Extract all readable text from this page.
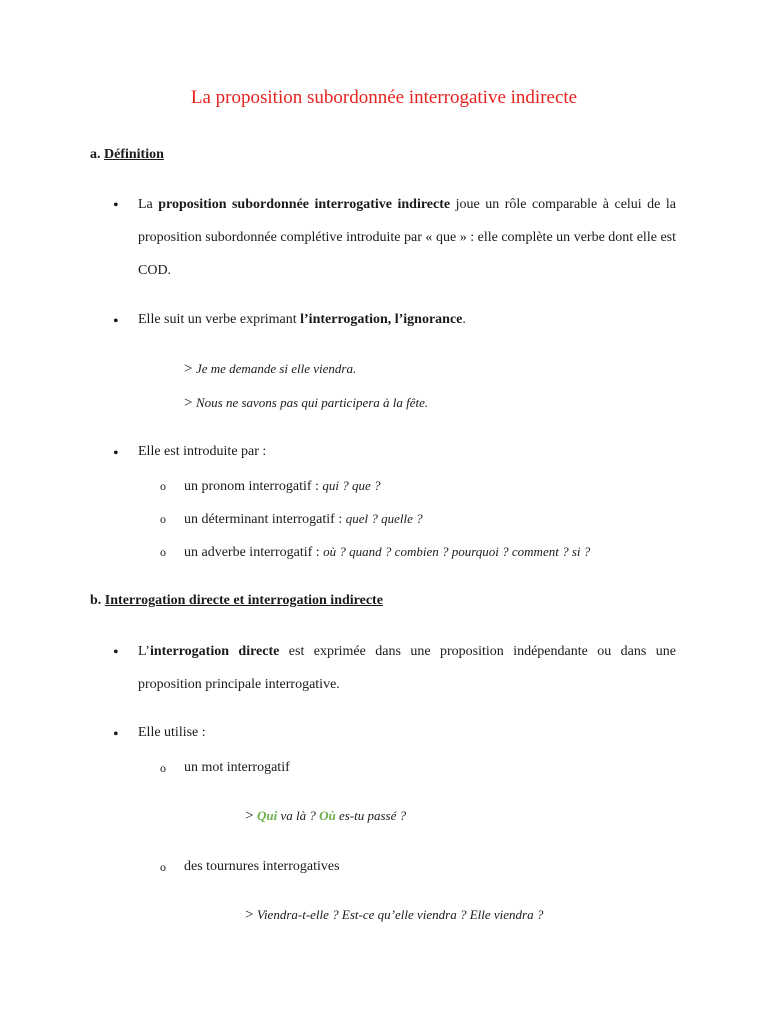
La proposition subordonnée interrogative indirecte
a. Définition
• La proposition subordonnée interrogative indirecte joue un rôle comparable à celui de la proposition subordonnée complétive introduite par « que » : elle complète un verbe dont elle est COD.
• Elle suit un verbe exprimant l’interrogation, l’ignorance.
> Je me demande si elle viendra.
> Nous ne savons pas qui participera à la fête.
• Elle est introduite par :
o un pronom interrogatif : qui ? que ?
o un déterminant interrogatif : quel ? quelle ?
o un adverbe interrogatif : où ? quand ? combien ? pourquoi ? comment ? si ?
b. Interrogation directe et interrogation indirecte
• L’interrogation directe est exprimée dans une proposition indépendante ou dans une proposition principale interrogative.
• Elle utilise :
o un mot interrogatif
> Qui va là ? Où es-tu passé ?
o des tournures interrogatives
> Viendra-t-elle ? Est-ce qu’elle viendra ? Elle viendra ?
